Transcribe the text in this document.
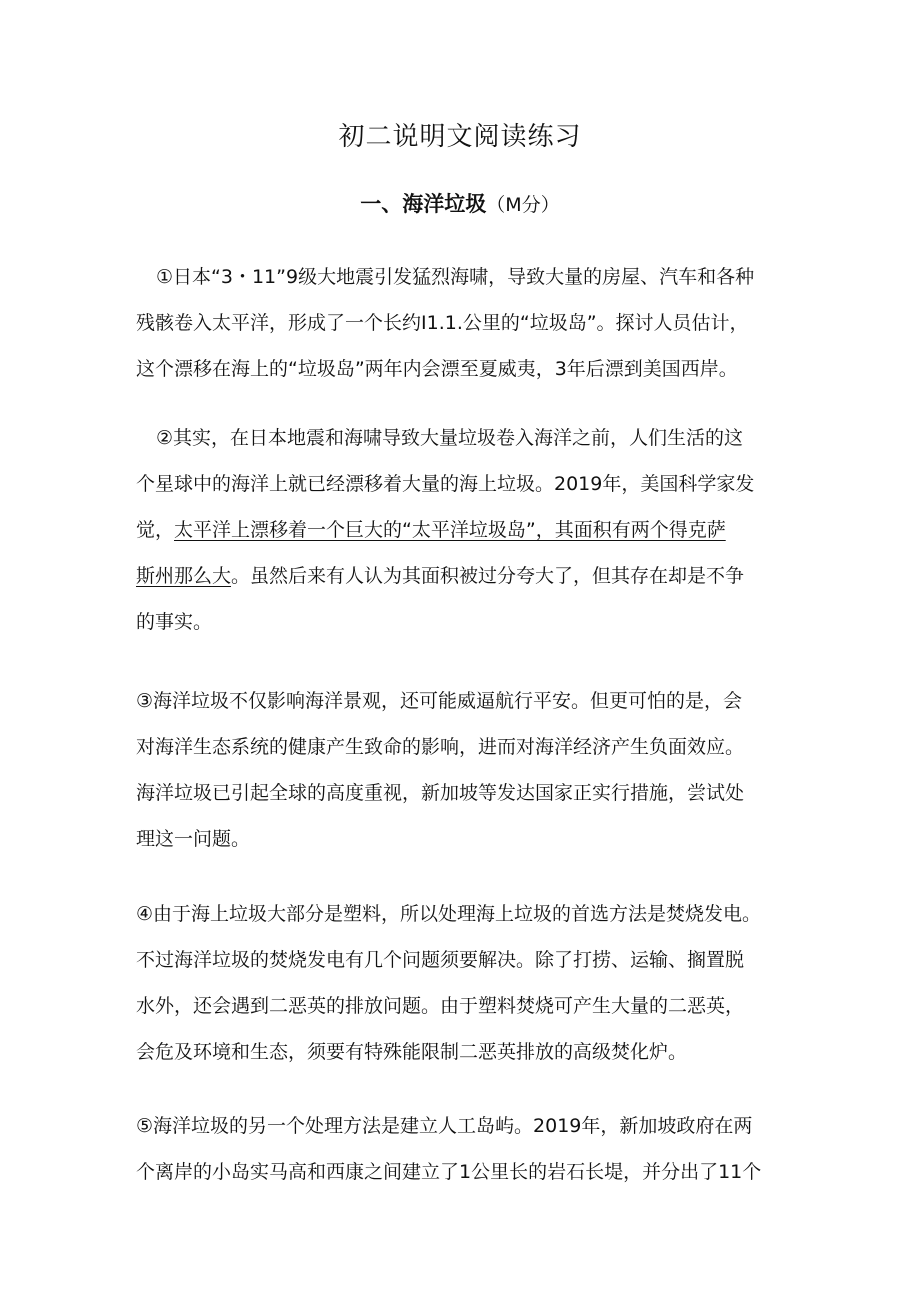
初二说明文阅读练习
一、海洋垃圾（M分）
①日本“3・11”9级大地震引发猛烈海啸，导致大量的房屋、汽车和各种
残骸卷入太平洋，形成了一个长约I1.1.公里的“垃圾岛”。探讨人员估计，
这个漂移在海上的“垃圾岛”两年内会漂至夏威夷，3年后漂到美国西岸。
②其实，在日本地震和海啸导致大量垃圾卷入海洋之前，人们生活的这
个星球中的海洋上就已经漂移着大量的海上垃圾。2019年，美国科学家发
觉，太平洋上漂移着一个巨大的“太平洋垃圾岛”，其面积有两个得克萨
斯州那么大。虽然后来有人认为其面积被过分夸大了，但其存在却是不争
的事实。
③海洋垃圾不仅影响海洋景观，还可能威逼航行平安。但更可怕的是，会
对海洋生态系统的健康产生致命的影响，进而对海洋经济产生负面效应。
海洋垃圾已引起全球的高度重视，新加坡等发达国家正实行措施，尝试处
理这一问题。
④由于海上垃圾大部分是塑料，所以处理海上垃圾的首选方法是焚烧发电。
不过海洋垃圾的焚烧发电有几个问题须要解决。除了打捞、运输、搁置脱
水外，还会遇到二恶英的排放问题。由于塑料焚烧可产生大量的二恶英，
会危及环境和生态，须要有特殊能限制二恶英排放的高级焚化炉。
⑤海洋垃圾的另一个处理方法是建立人工岛屿。2019年，新加坡政府在两
个离岸的小岛实马高和西康之间建立了1公里长的岩石长堤，并分出了11个
